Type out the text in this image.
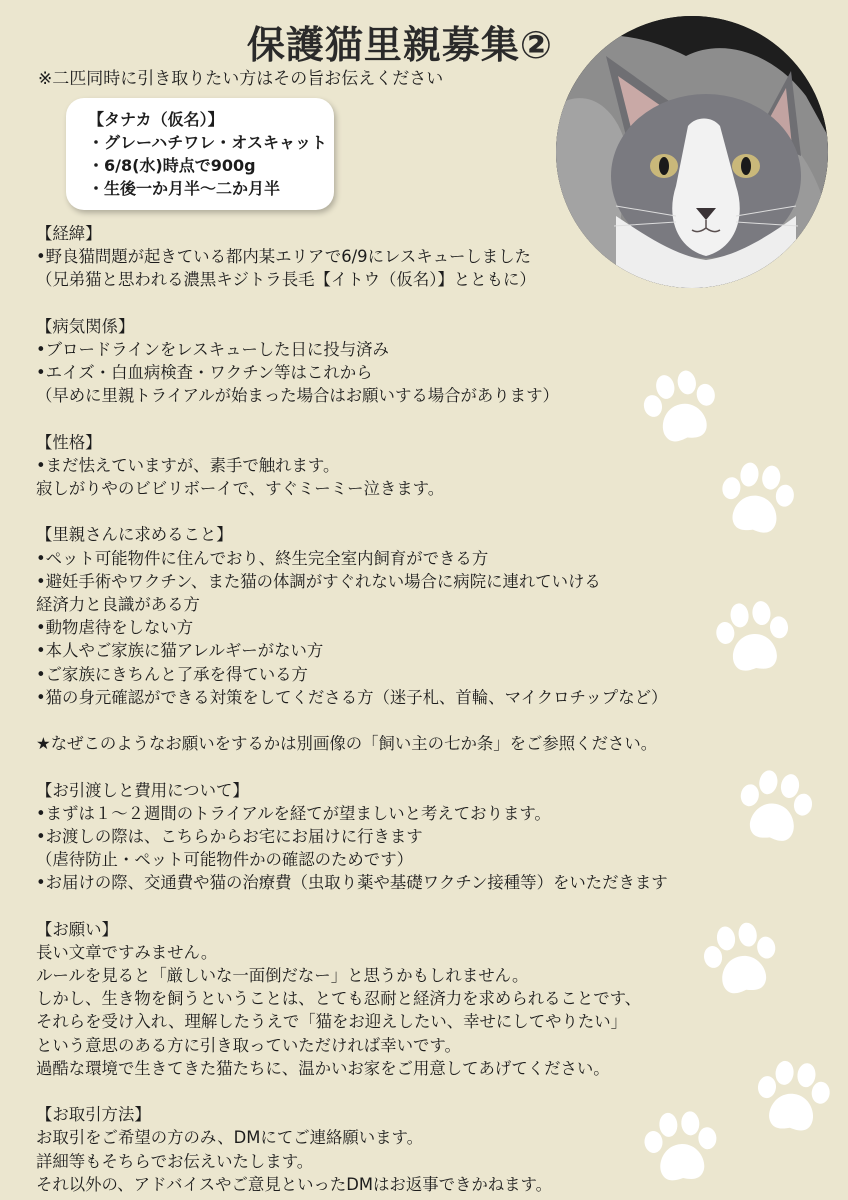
保護猫里親募集②
※二匹同時に引き取りたい方はその旨お伝えください
【タナカ（仮名）】
・グレーハチワレ・オスキャット
・6/8(水)時点で900g
・生後一か月半～二か月半
【経緯】
•野良猫問題が起きている都内某エリアで6/9にレスキューしました
（兄弟猫と思われる濃黒キジトラ長毛【イトウ（仮名）】とともに）
【病気関係】
•ブロードラインをレスキューした日に投与済み
•エイズ・白血病検査・ワクチン等はこれから
（早めに里親トライアルが始まった場合はお願いする場合があります）
【性格】
•まだ怯えていますが、素手で触れます。
寂しがりやのビビリボーイで、すぐミーミー泣きます。
【里親さんに求めること】
•ペット可能物件に住んでおり、終生完全室内飼育ができる方
•避妊手術やワクチン、また猫の体調がすぐれない場合に病院に連れていける
経済力と良識がある方
•動物虐待をしない方
•本人やご家族に猫アレルギーがない方
•ご家族にきちんと了承を得ている方
•猫の身元確認ができる対策をしてくださる方（迷子札、首輪、マイクロチップなど）
★なぜこのようなお願いをするかは別画像の「飼い主の七か条」をご参照ください。
【お引渡しと費用について】
•まずは１～２週間のトライアルを経てが望ましいと考えております。
•お渡しの際は、こちらからお宅にお届けに行きます
（虐待防止・ペット可能物件かの確認のためです）
•お届けの際、交通費や猫の治療費（虫取り薬や基礎ワクチン接種等）をいただきます
【お願い】
長い文章ですみません。
ルールを見ると「厳しいな一面倒だなー」と思うかもしれません。
しかし、生き物を飼うということは、とても忍耐と経済力を求められることです、
それらを受け入れ、理解したうえで「猫をお迎えしたい、幸せにしてやりたい」
という意思のある方に引き取っていただければ幸いです。
過酷な環境で生きてきた猫たちに、温かいお家をご用意してあげてください。
【お取引方法】
お取引をご希望の方のみ、DMにてご連絡願います。
詳細等もそちらでお伝えいたします。
それ以外の、アドバイスやご意見といったDMはお返事できかねます。
